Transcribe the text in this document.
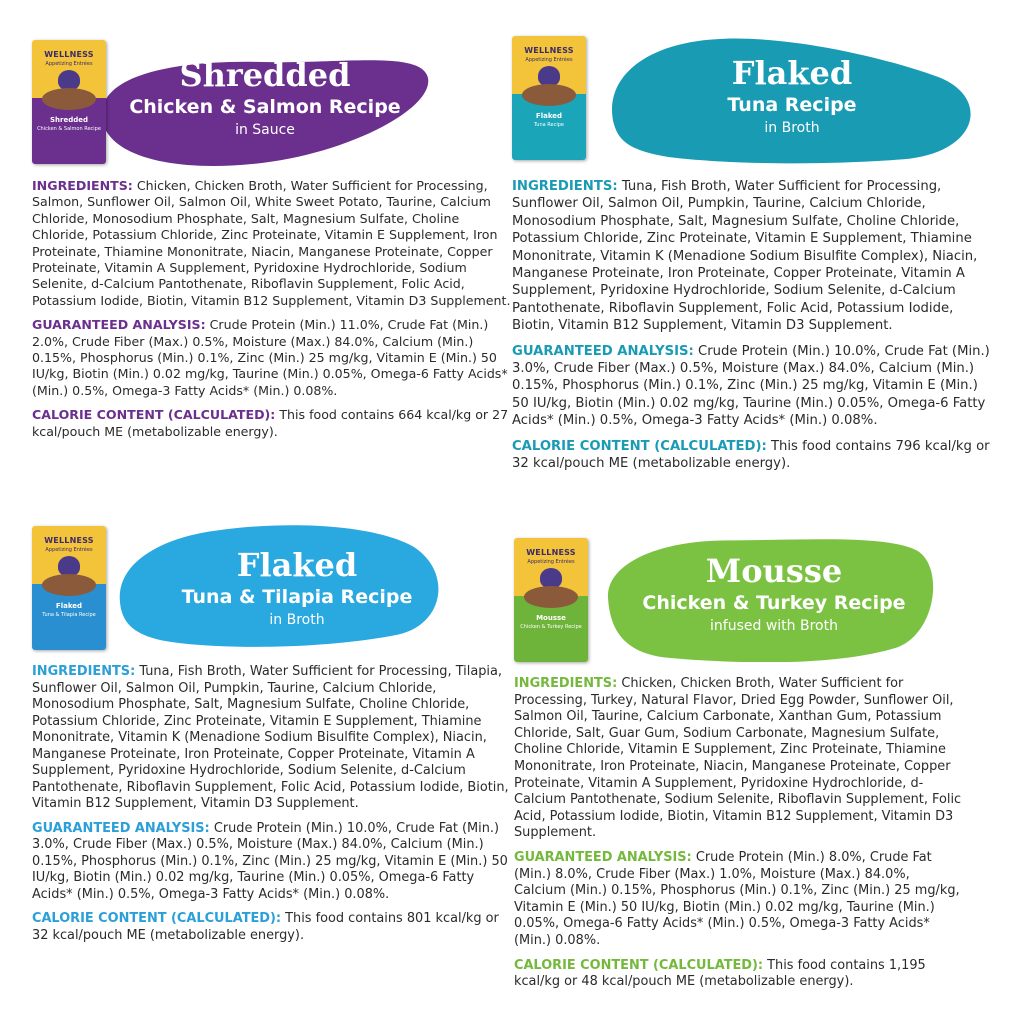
WELLNESS
Appetizing Entrées
Shredded
Chicken & Salmon Recipe
Shredded
Chicken & Salmon Recipe
in Sauce

INGREDIENTS: Chicken, Chicken Broth, Water Sufficient for Processing, Salmon, Sunflower Oil, Salmon Oil, White Sweet Potato, Taurine, Calcium Chloride, Monosodium Phosphate, Salt, Magnesium Sulfate, Choline Chloride, Potassium Chloride, Zinc Proteinate, Vitamin E Supplement, Iron Proteinate, Thiamine Mononitrate, Niacin, Manganese Proteinate, Copper Proteinate, Vitamin A Supplement, Pyridoxine Hydrochloride, Sodium Selenite, d-Calcium Pantothenate, Riboflavin Supplement, Folic Acid, Potassium Iodide, Biotin, Vitamin B12 Supplement, Vitamin D3 Supplement.

GUARANTEED ANALYSIS: Crude Protein (Min.) 11.0%, Crude Fat (Min.) 2.0%, Crude Fiber (Max.) 0.5%, Moisture (Max.) 84.0%, Calcium (Min.) 0.15%, Phosphorus (Min.) 0.1%, Zinc (Min.) 25 mg/kg, Vitamin E (Min.) 50 IU/kg, Biotin (Min.) 0.02 mg/kg, Taurine (Min.) 0.05%, Omega-6 Fatty Acids* (Min.) 0.5%, Omega-3 Fatty Acids* (Min.) 0.08%.

CALORIE CONTENT (CALCULATED): This food contains 664 kcal/kg or 27 kcal/pouch ME (metabolizable energy).

WELLNESS
Appetizing Entrées
Flaked
Tuna Recipe
Flaked
Tuna Recipe
in Broth

INGREDIENTS: Tuna, Fish Broth, Water Sufficient for Processing, Sunflower Oil, Salmon Oil, Pumpkin, Taurine, Calcium Chloride, Monosodium Phosphate, Salt, Magnesium Sulfate, Choline Chloride, Potassium Chloride, Zinc Proteinate, Vitamin E Supplement, Thiamine Mononitrate, Vitamin K (Menadione Sodium Bisulfite Complex), Niacin, Manganese Proteinate, Iron Proteinate, Copper Proteinate, Vitamin A Supplement, Pyridoxine Hydrochloride, Sodium Selenite, d-Calcium Pantothenate, Riboflavin Supplement, Folic Acid, Potassium Iodide, Biotin, Vitamin B12 Supplement, Vitamin D3 Supplement.

GUARANTEED ANALYSIS: Crude Protein (Min.) 10.0%, Crude Fat (Min.) 3.0%, Crude Fiber (Max.) 0.5%, Moisture (Max.) 84.0%, Calcium (Min.) 0.15%, Phosphorus (Min.) 0.1%, Zinc (Min.) 25 mg/kg, Vitamin E (Min.) 50 IU/kg, Biotin (Min.) 0.02 mg/kg, Taurine (Min.) 0.05%, Omega-6 Fatty Acids* (Min.) 0.5%, Omega-3 Fatty Acids* (Min.) 0.08%.

CALORIE CONTENT (CALCULATED): This food contains 796 kcal/kg or 32 kcal/pouch ME (metabolizable energy).

WELLNESS
Appetizing Entrées
Flaked
Tuna & Tilapia Recipe
Flaked
Tuna & Tilapia Recipe
in Broth

INGREDIENTS: Tuna, Fish Broth, Water Sufficient for Processing, Tilapia, Sunflower Oil, Salmon Oil, Pumpkin, Taurine, Calcium Chloride, Monosodium Phosphate, Salt, Magnesium Sulfate, Choline Chloride, Potassium Chloride, Zinc Proteinate, Vitamin E Supplement, Thiamine Mononitrate, Vitamin K (Menadione Sodium Bisulfite Complex), Niacin, Manganese Proteinate, Iron Proteinate, Copper Proteinate, Vitamin A Supplement, Pyridoxine Hydrochloride, Sodium Selenite, d-Calcium Pantothenate, Riboflavin Supplement, Folic Acid, Potassium Iodide, Biotin, Vitamin B12 Supplement, Vitamin D3 Supplement.

GUARANTEED ANALYSIS: Crude Protein (Min.) 10.0%, Crude Fat (Min.) 3.0%, Crude Fiber (Max.) 0.5%, Moisture (Max.) 84.0%, Calcium (Min.) 0.15%, Phosphorus (Min.) 0.1%, Zinc (Min.) 25 mg/kg, Vitamin E (Min.) 50 IU/kg, Biotin (Min.) 0.02 mg/kg, Taurine (Min.) 0.05%, Omega-6 Fatty Acids* (Min.) 0.5%, Omega-3 Fatty Acids* (Min.) 0.08%.

CALORIE CONTENT (CALCULATED): This food contains 801 kcal/kg or 32 kcal/pouch ME (metabolizable energy).

WELLNESS
Appetizing Entrées
Mousse
Chicken & Turkey Recipe
Mousse
Chicken & Turkey Recipe
infused with Broth

INGREDIENTS: Chicken, Chicken Broth, Water Sufficient for Processing, Turkey, Natural Flavor, Dried Egg Powder, Sunflower Oil, Salmon Oil, Taurine, Calcium Carbonate, Xanthan Gum, Potassium Chloride, Salt, Guar Gum, Sodium Carbonate, Magnesium Sulfate, Choline Chloride, Vitamin E Supplement, Zinc Proteinate, Thiamine Mononitrate, Iron Proteinate, Niacin, Manganese Proteinate, Copper Proteinate, Vitamin A Supplement, Pyridoxine Hydrochloride, d-Calcium Pantothenate, Sodium Selenite, Riboflavin Supplement, Folic Acid, Potassium Iodide, Biotin, Vitamin B12 Supplement, Vitamin D3 Supplement.

GUARANTEED ANALYSIS: Crude Protein (Min.) 8.0%, Crude Fat (Min.) 8.0%, Crude Fiber (Max.) 1.0%, Moisture (Max.) 84.0%, Calcium (Min.) 0.15%, Phosphorus (Min.) 0.1%, Zinc (Min.) 25 mg/kg, Vitamin E (Min.) 50 IU/kg, Biotin (Min.) 0.02 mg/kg, Taurine (Min.) 0.05%, Omega-6 Fatty Acids* (Min.) 0.5%, Omega-3 Fatty Acids* (Min.) 0.08%.

CALORIE CONTENT (CALCULATED): This food contains 1,195 kcal/kg or 48 kcal/pouch ME (metabolizable energy).
